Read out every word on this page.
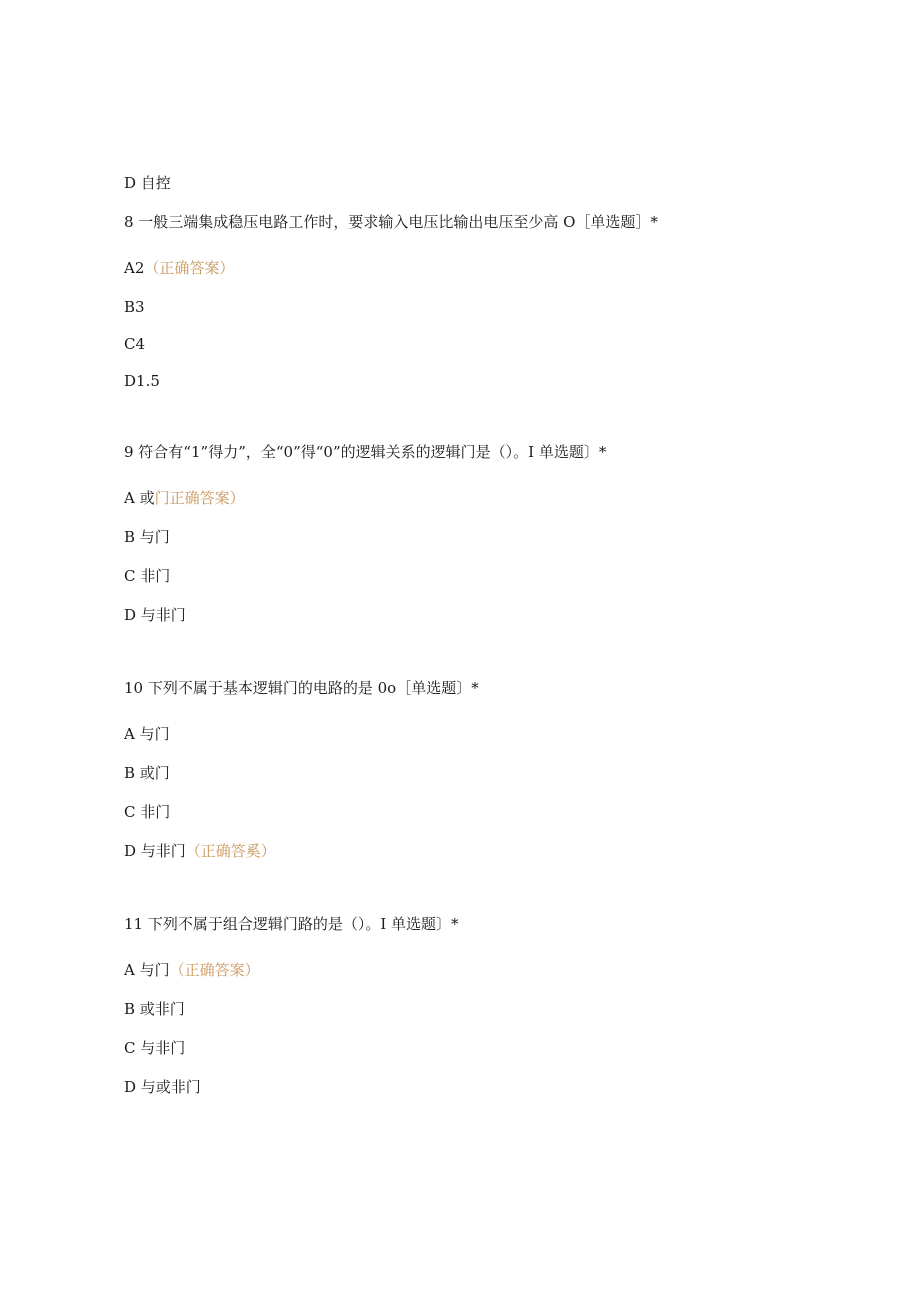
D 自控
8 一般三端集成稳压电路工作时，要求输入电压比输出电压至少高 O［单选题］*
A2（正确答案）
B3
C4
D1.5
9 符合有“1”得力”，全“0”得“0”的逻辑关系的逻辑门是（）。I 单选题〕*
A 或门正确答案）
B 与门
C 非门
D 与非门
10 下列不属于基本逻辑门的电路的是 0o［单选题〕*
A 与门
B 或门
C 非门
D 与非门（正确答奚）
11 下列不属于组合逻辑门路的是（）。I 单选题〕*
A 与门（正确答案）
B 或非门
C 与非门
D 与或非门
